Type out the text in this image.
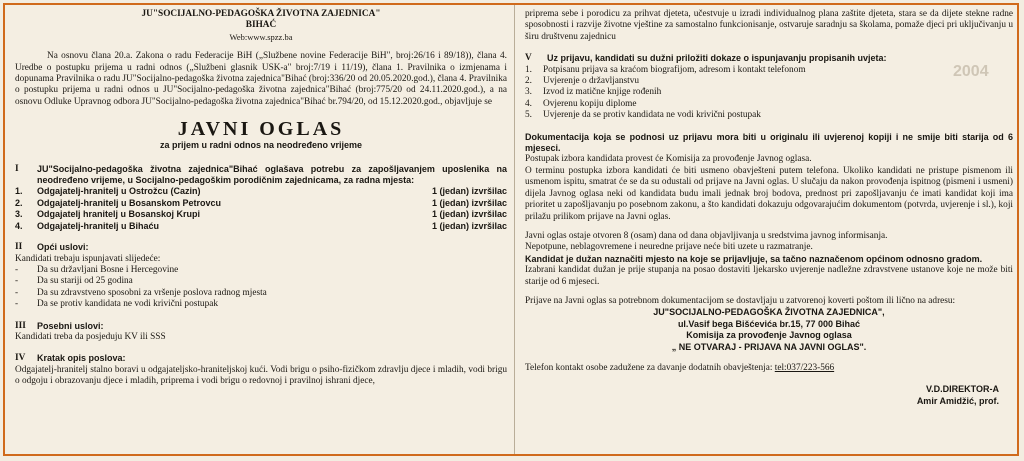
2004

JU"SOCIJALNO-PEDAGOŠKA ŽIVOTNA ZAJEDNICA"

BIHAĆ

Web:www.spzz.ba

Na osnovu člana 20.a. Zakona o radu Federacije BiH („Službene novine Federacije BiH", broj:26/16 i 89/18)), člana 4. Uredbe o postupku prijema u radni odnos („Službeni glasnik USK-a" broj:7/19 i 11/19), člana 1. Pravilnika o izmjenama i dopunama Pravilnika o radu JU"Socijalno-pedagoška životna zajednica"Bihać (broj:336/20 od 20.05.2020.god.), člana 4. Pravilnika o postupku prijema u radni odnos u JU"Socijalno-pedagoška životna zajednica"Bihać (broj:775/20 od 24.11.2020.god.), a na osnovu Odluke Upravnog odbora JU"Socijalno-pedagoška životna zajednica"Bihać br.794/20, od 15.12.2020.god., objavljuje se

JAVNI OGLAS

za prijem u radni odnos na neodređeno vrijeme

I	JU"Socijalno-pedagoška životna zajednica"Bihać oglašava potrebu za zapošljavanjem uposlenika na neodređeno vrijeme, u Socijalno-pedagoškim porodičnim zajednicama, za radna mjesta:
1.	Odgajatelj-hranitelj u Ostrožcu (Cazin)	1 (jedan) izvršilac
2.	Odgajatelj-hranitelj u Bosanskom Petrovcu	1 (jedan) izvršilac
3.	Odgajatelj hranitelj u Bosanskoj Krupi	1 (jedan) izvršilac
4.	Odgajatelj-hranitelj u Bihaću	1 (jedan) izvršilac
II	Opći uslovi:

Kandidati trebaju ispunjavati slijedeće:

-	Da su državljani Bosne i Hercegovine
-	Da su stariji od 25 godina
-	Da su zdravstveno sposobni za vršenje poslova radnog mjesta
-	Da se protiv kandidata ne vodi krivični postupak
III	Posebni uslovi:

Kandidati treba da posjeduju KV ili SSS

IV	Kratak opis poslova:

Odgajatelj-hranitelj stalno boravi u odgajateljsko-hraniteljskoj kući. Vodi brigu o psiho-fizičkom zdravlju djece i mladih, vodi brigu o odgoju i obrazovanju djece i mladih, priprema i vodi brigu o redovnoj i pravilnoj ishrani djece,

priprema sebe i porodicu za prihvat djeteta, učestvuje u izradi individualnog plana zaštite djeteta, stara se da dijete stekne radne sposobnosti i razvije životne vještine za samostalno funkcionisanje, ostvaruje saradnju sa školama, pomaže djeci pri uključivanju u širu društvenu zajednicu

V	Uz prijavu, kandidati su dužni priložiti dokaze o ispunjavanju propisanih uvjeta:
1.	Potpisanu prijava sa kraćom biografijom, adresom i kontakt telefonom
2.	Uvjerenje o državljanstvu
3.	Izvod iz matične knjige rođenih
4.	Ovjerenu kopiju diplome
5.	Uvjerenje da se protiv kandidata ne vodi krivični postupak

Dokumentacija koja se podnosi uz prijavu mora biti u originalu ili uvjerenoj kopiji i ne smije biti starija od 6 mjeseci.

Postupak izbora kandidata provest će Komisija za provođenje Javnog oglasa.

O terminu postupka izbora kandidati će biti usmeno obavješteni putem telefona. Ukoliko kandidati ne pristupe pismenom ili usmenom ispitu, smatrat će se da su odustali od prijave na Javni oglas. U slučaju da nakon provođenja ispitnog (pismeni i usmeni) dijela Javnog oglasa neki od kandidata budu imali jednak broj bodova, prednost pri zapošljavanju će imati kandidat koji ima prioritet u zapošljavanju po posebnom zakonu, a što kandidati dokazuju odgovarajućim dokumentom (potvrda, uvjerenje i sl.), koji prilažu prilikom prijave na Javni oglas.

Javni oglas ostaje otvoren 8 (osam) dana od dana objavljivanja u sredstvima javnog informisanja.

Nepotpune, neblagovremene i neuredne prijave neće biti uzete u razmatranje.

Kandidat je dužan naznačiti mjesto na koje se prijavljuje, sa tačno naznačenom općinom odnosno gradom.

Izabrani kandidat dužan je prije stupanja na posao dostaviti ljekarsko uvjerenje nadležne zdravstvene ustanove koje ne može biti starije od 6 mjeseci.

Prijave na Javni oglas sa potrebnom dokumentacijom se dostavljaju u zatvorenoj koverti poštom ili lično na adresu:

JU"SOCIJALNO-PEDAGOŠKA ŽIVOTNA ZAJEDNICA",

ul.Vasif bega Bišćevića br.15, 77 000 Bihać

Komisija za provođenje Javnog oglasa

„ NE OTVARAJ - PRIJAVA NA JAVNI OGLAS".

Telefon kontakt osobe zadužene za davanje dodatnih obavještenja: tel:037/223-566

V.D.DIREKTOR-A

Amir Amidžić, prof.
